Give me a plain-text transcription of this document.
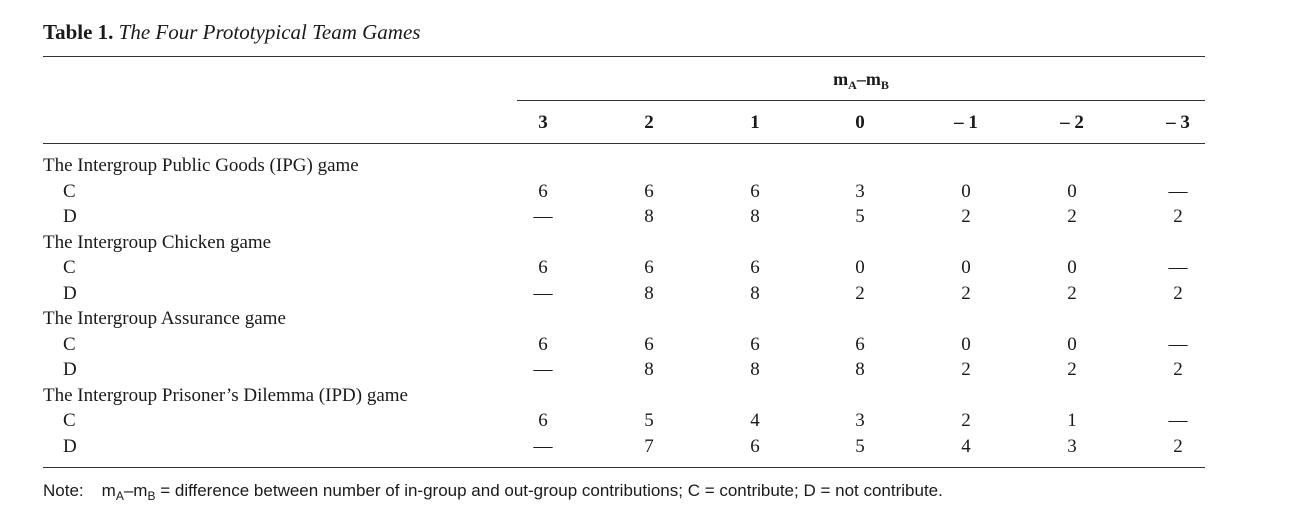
Table 1. The Four Prototypical Team Games
$m_A-m_B$
3	2	1	0	– 1	– 2	– 3
The Intergroup Public Goods (IPG) game
C	6	6	6	3	0	0	—
D	—	8	8	5	2	2	2
The Intergroup Chicken game
C	6	6	6	0	0	0	—
D	—	8	8	2	2	2	2
The Intergroup Assurance game
C	6	6	6	6	0	0	—
D	—	8	8	8	2	2	2
The Intergroup Prisoner’s Dilemma (IPD) game
C	6	5	4	3	2	1	—
D	—	7	6	5	4	3	2
Note: $m_A-m_B$ = difference between number of in-group and out-group contributions; C = contribute; D = not contribute.
